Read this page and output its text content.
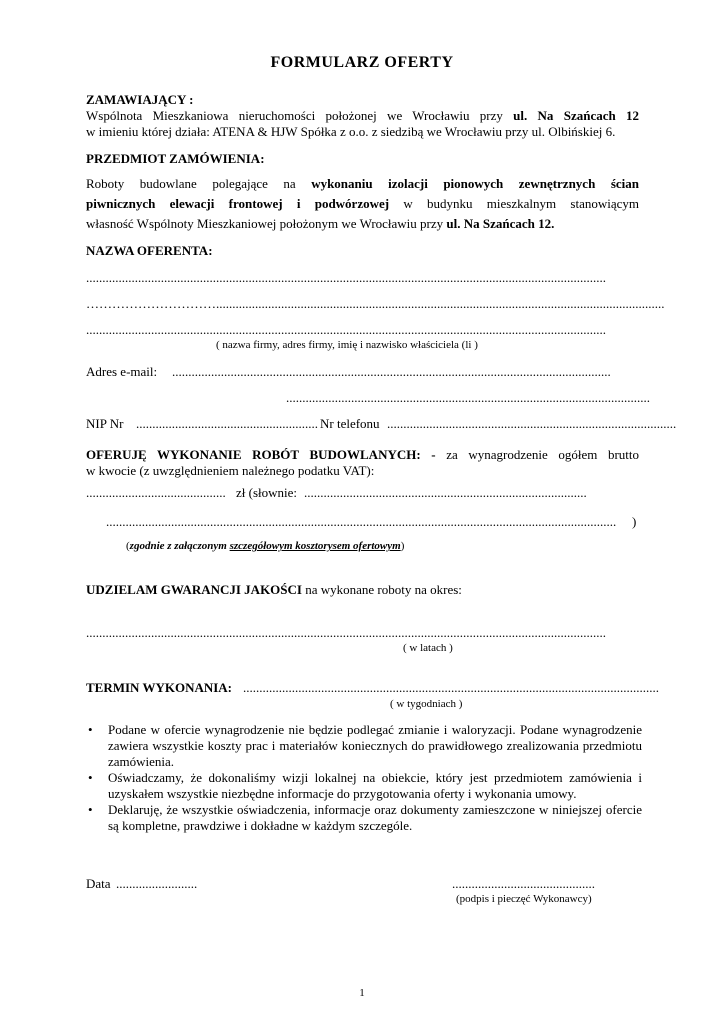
FORMULARZ OFERTY
ZAMAWIAJĄCY :
Wspólnota Mieszkaniowa nieruchomości położonej we Wrocławiu przy ul. Na Szańcach 12
w imieniu której działa: ATENA & HJW Spółka z o.o. z siedzibą we Wrocławiu przy ul. Olbińskiej 6.
PRZEDMIOT ZAMÓWIENIA:
Roboty budowlane polegające na wykonaniu izolacji pionowych zewnętrznych ścian
piwnicznych elewacji frontowej i podwórzowej w budynku mieszkalnym stanowiącym
własność Wspólnoty Mieszkaniowej położonym we Wrocławiu przy ul. Na Szańcach 12.
NAZWA OFERENTA:
................................................................................................................................................................
…………………………..........................................................................................................................................
................................................................................................................................................................
( nazwa firmy, adres firmy, imię i nazwisko właściciela (li )
Adres e-mail: .......................................................................................................................................
................................................................................................................
NIP Nr ........................................................ Nr telefonu .........................................................................................
OFERUJĘ WYKONANIE ROBÓT BUDOWLANYCH: - za wynagrodzenie ogółem brutto
w kwocie (z uwzględnieniem należnego podatku VAT):
........................................... zł (słownie: .......................................................................................
.............................................................................................................................................................	)
(zgodnie z załączonym szczegółowym kosztorysem ofertowym)
UDZIELAM GWARANCJI JAKOŚCI na wykonane roboty na okres:
................................................................................................................................................................
( w latach )
TERMIN WYKONANIA: ................................................................................................................................
( w tygodniach )
• Podane w ofercie wynagrodzenie nie będzie podlegać zmianie i waloryzacji. Podane wynagrodzenie zawiera wszystkie koszty prac i materiałów koniecznych do prawidłowego zrealizowania przedmiotu zamówienia.
• Oświadczamy, że dokonaliśmy wizji lokalnej na obiekcie, który jest przedmiotem zamówienia i uzyskałem wszystkie niezbędne informacje do przygotowania oferty i wykonania umowy.
• Deklaruję, że wszystkie oświadczenia, informacje oraz dokumenty zamieszczone w niniejszej ofercie są kompletne, prawdziwe i dokładne w każdym szczególe.
Data .........................	............................................
(podpis i pieczęć Wykonawcy)
1
